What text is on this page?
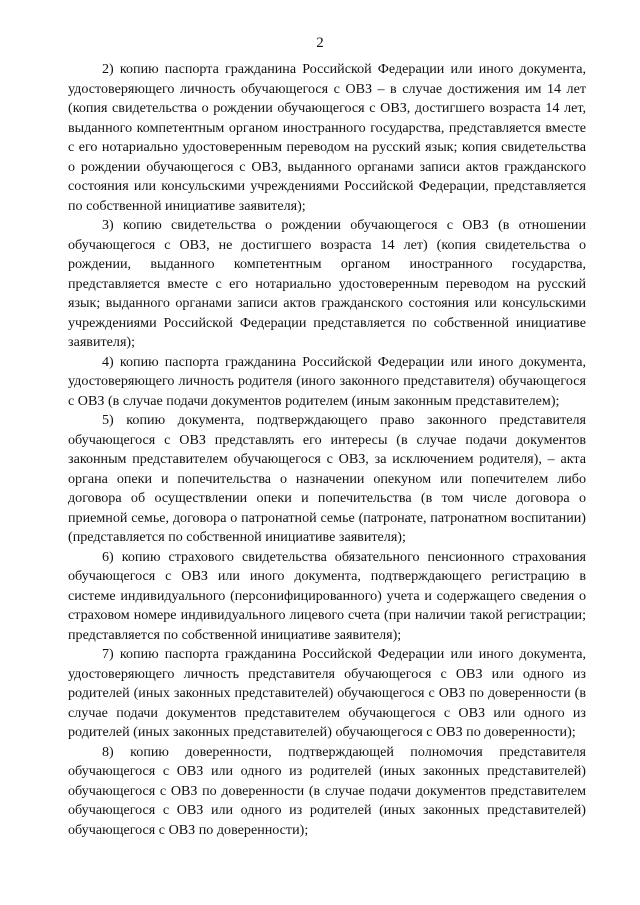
2

2) копию паспорта гражданина Российской Федерации или иного документа, удостоверяющего личность обучающегося с ОВЗ – в случае достижения им 14 лет (копия свидетельства о рождении обучающегося с ОВЗ, достигшего возраста 14 лет, выданного компетентным органом иностранного государства, представляется вместе с его нотариально удостоверенным переводом на русский язык; копия свидетельства о рождении обучающегося с ОВЗ, выданного органами записи актов гражданского состояния или консульскими учреждениями Российской Федерации, представляется по собственной инициативе заявителя);

3) копию свидетельства о рождении обучающегося с ОВЗ (в отношении обучающегося с ОВЗ, не достигшего возраста 14 лет) (копия свидетельства о рождении, выданного компетентным органом иностранного государства, представляется вместе с его нотариально удостоверенным переводом на русский язык; выданного органами записи актов гражданского состояния или консульскими учреждениями Российской Федерации представляется по собственной инициативе заявителя);

4) копию паспорта гражданина Российской Федерации или иного документа, удостоверяющего личность родителя (иного законного представителя) обучающегося с ОВЗ (в случае подачи документов родителем (иным законным представителем);

5) копию документа, подтверждающего право законного представителя обучающегося с ОВЗ представлять его интересы (в случае подачи документов законным представителем обучающегося с ОВЗ, за исключением родителя), – акта органа опеки и попечительства о назначении опекуном или попечителем либо договора об осуществлении опеки и попечительства (в том числе договора о приемной семье, договора о патронатной семье (патронате, патронатном воспитании) (представляется по собственной инициативе заявителя);

6) копию страхового свидетельства обязательного пенсионного страхования обучающегося с ОВЗ или иного документа, подтверждающего регистрацию в системе индивидуального (персонифицированного) учета и содержащего сведения о страховом номере индивидуального лицевого счета (при наличии такой регистрации; представляется по собственной инициативе заявителя);

7) копию паспорта гражданина Российской Федерации или иного документа, удостоверяющего личность представителя обучающегося с ОВЗ или одного из родителей (иных законных представителей) обучающегося с ОВЗ по доверенности (в случае подачи документов представителем обучающегося с ОВЗ или одного из родителей (иных законных представителей) обучающегося с ОВЗ по доверенности);

8) копию доверенности, подтверждающей полномочия представителя обучающегося с ОВЗ или одного из родителей (иных законных представителей) обучающегося с ОВЗ по доверенности (в случае подачи документов представителем обучающегося с ОВЗ или одного из родителей (иных законных представителей) обучающегося с ОВЗ по доверенности);
